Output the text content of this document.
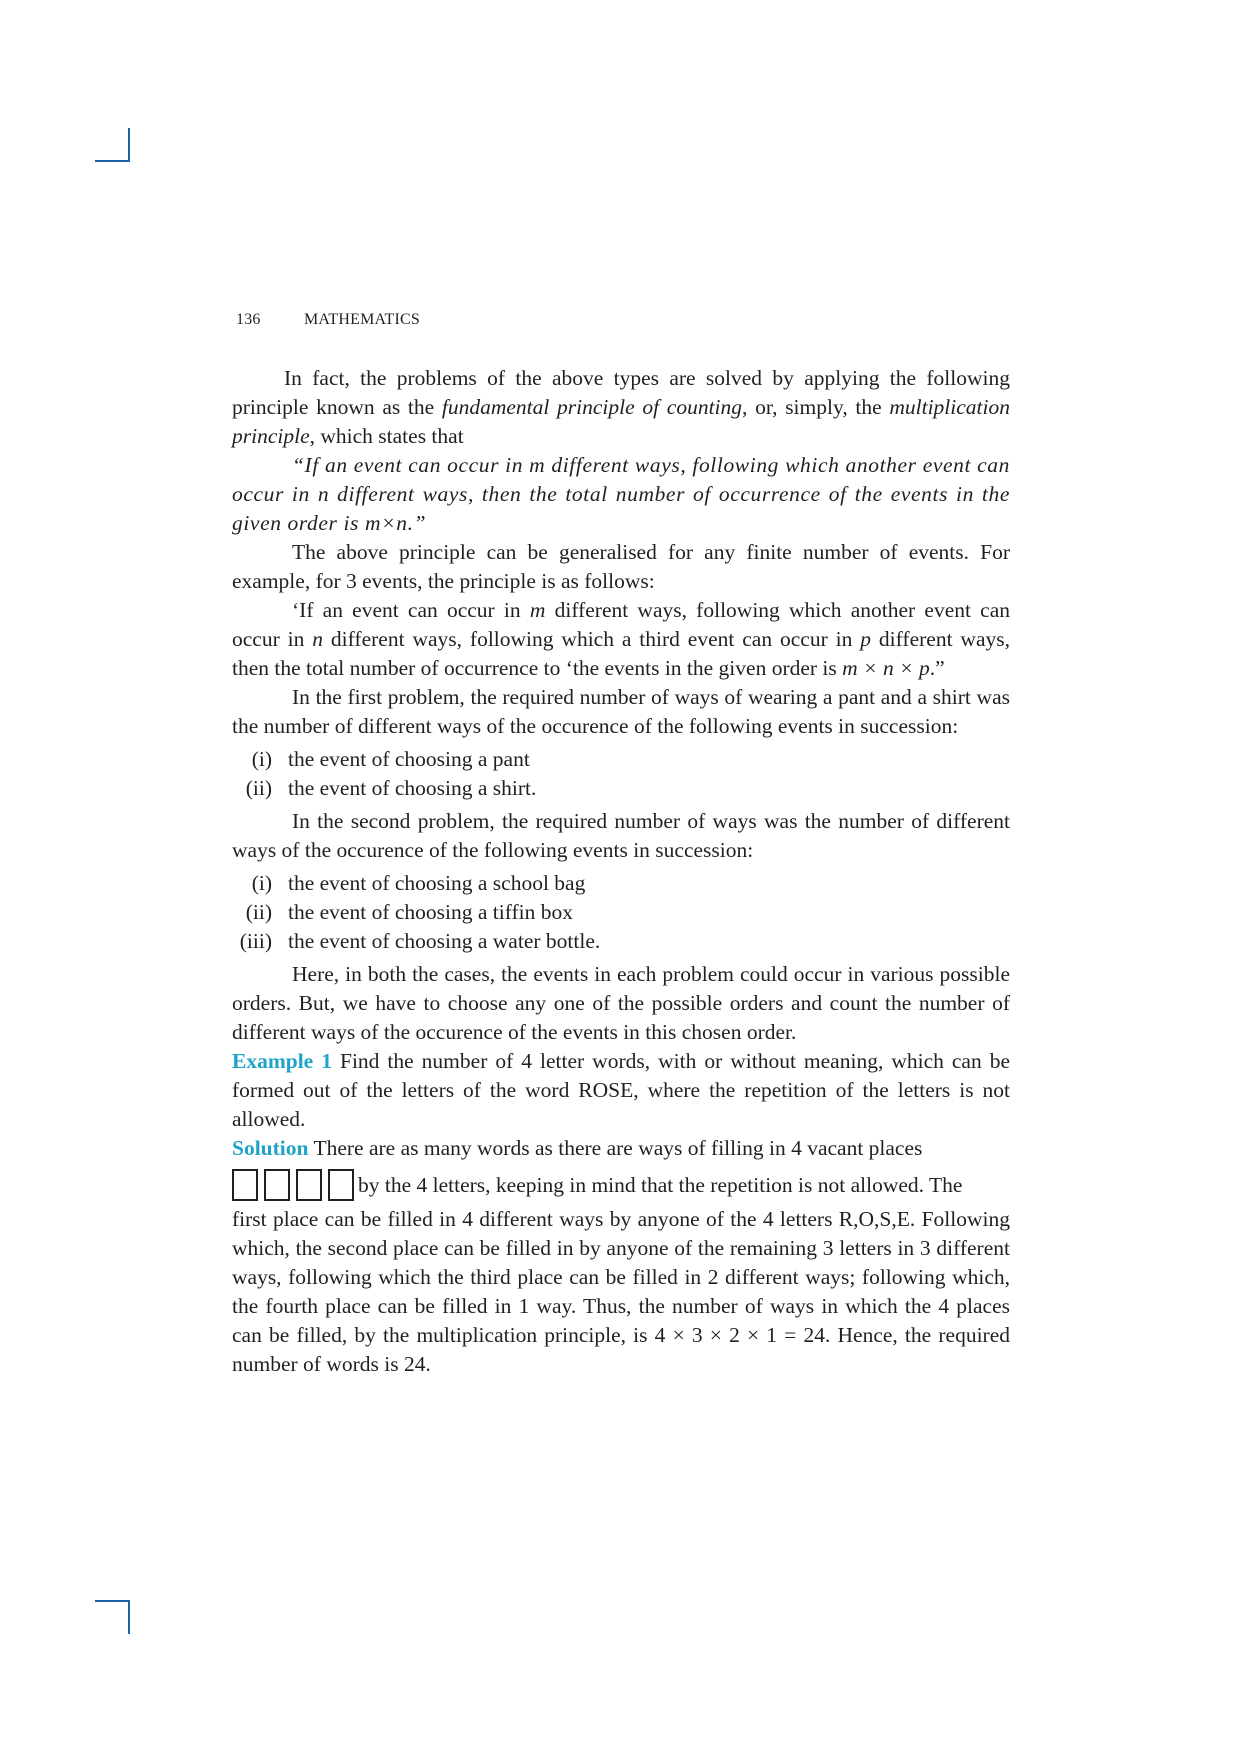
136	MATHEMATICS

In fact, the problems of the above types are solved by applying the following principle known as the fundamental principle of counting, or, simply, the multiplication principle, which states that

“If an event can occur in m different ways, following which another event can occur in n different ways, then the total number of occurrence of the events in the given order is m×n.”

The above principle can be generalised for any finite number of events. For example, for 3 events, the principle is as follows:

‘If an event can occur in m different ways, following which another event can occur in n different ways, following which a third event can occur in p different ways, then the total number of occurrence to ‘the events in the given order is m × n × p.”

In the first problem, the required number of ways of wearing a pant and a shirt was the number of different ways of the occurence of the following events in succession:

(i) the event of choosing a pant
(ii) the event of choosing a shirt.

In the second problem, the required number of ways was the number of different ways of the occurence of the following events in succession:

(i) the event of choosing a school bag
(ii) the event of choosing a tiffin box
(iii) the event of choosing a water bottle.

Here, in both the cases, the events in each problem could occur in various possible orders. But, we have to choose any one of the possible orders and count the number of different ways of the occurence of the events in this chosen order.

Example 1 Find the number of 4 letter words, with or without meaning, which can be formed out of the letters of the word ROSE, where the repetition of the letters is not allowed.

Solution There are as many words as there are ways of filling in 4 vacant places

by the 4 letters, keeping in mind that the repetition is not allowed. The

first place can be filled in 4 different ways by anyone of the 4 letters R,O,S,E. Following which, the second place can be filled in by anyone of the remaining 3 letters in 3 different ways, following which the third place can be filled in 2 different ways; following which, the fourth place can be filled in 1 way. Thus, the number of ways in which the 4 places can be filled, by the multiplication principle, is 4 × 3 × 2 × 1 = 24. Hence, the required number of words is 24.
